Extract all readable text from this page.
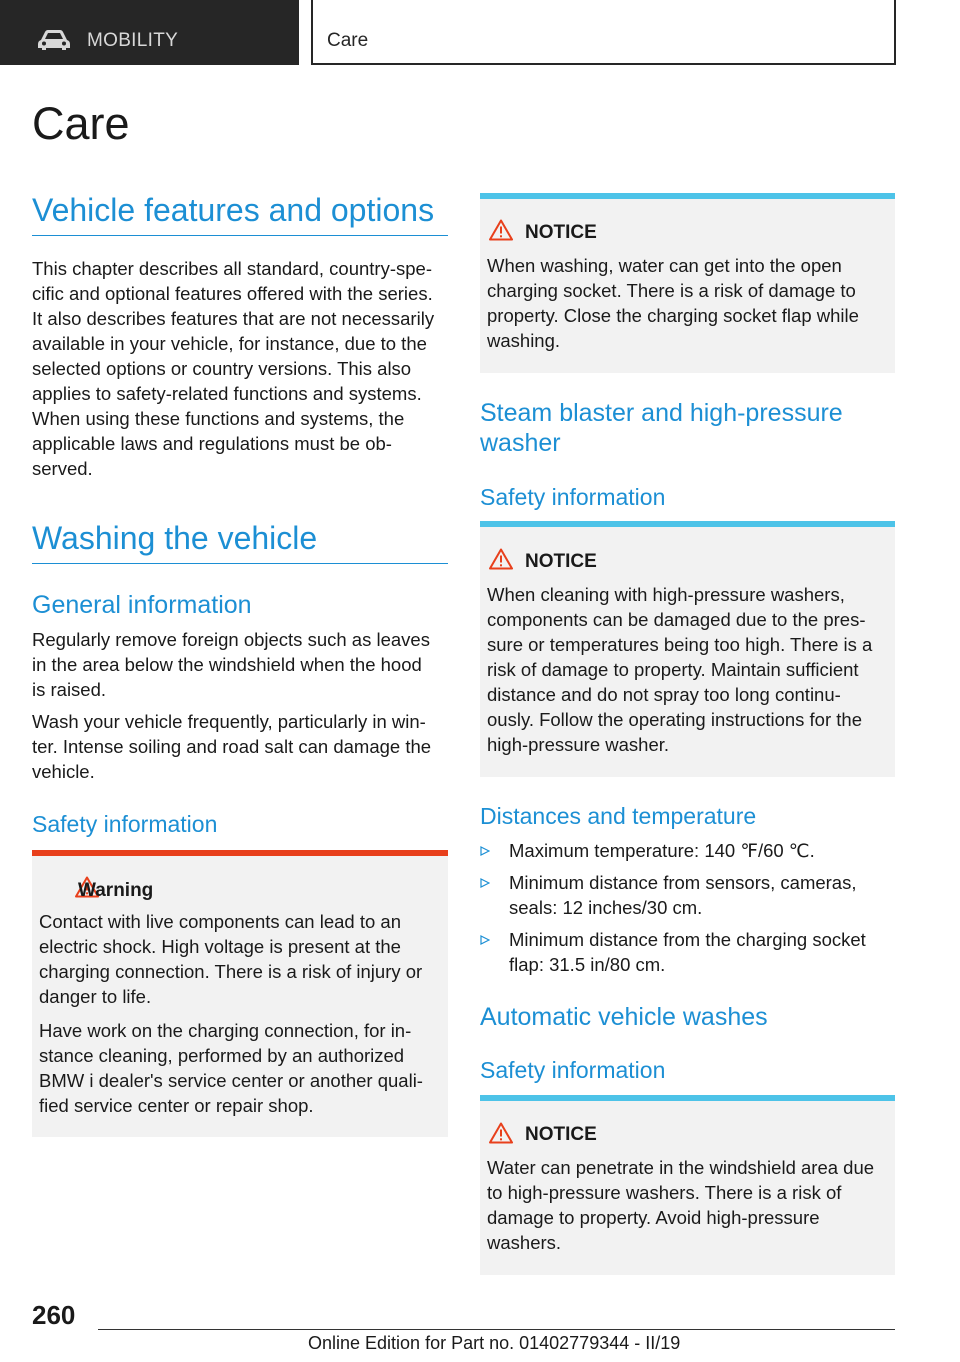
MOBILITY	Care
Care
Vehicle features and options
This chapter describes all standard, country-spe-
cific and optional features offered with the series.
It also describes features that are not necessarily
available in your vehicle, for instance, due to the
selected options or country versions. This also
applies to safety-related functions and systems.
When using these functions and systems, the
applicable laws and regulations must be ob-
served.
Washing the vehicle
General information
Regularly remove foreign objects such as leaves
in the area below the windshield when the hood
is raised.
Wash your vehicle frequently, particularly in win-
ter. Intense soiling and road salt can damage the
vehicle.
Safety information
Warning
Contact with live components can lead to an
electric shock. High voltage is present at the
charging connection. There is a risk of injury or
danger to life.
Have work on the charging connection, for in-
stance cleaning, performed by an authorized
BMW i dealer's service center or another quali-
fied service center or repair shop.
NOTICE
When washing, water can get into the open
charging socket. There is a risk of damage to
property. Close the charging socket flap while
washing.
Steam blaster and high-pressure
washer
Safety information
NOTICE
When cleaning with high-pressure washers,
components can be damaged due to the pres-
sure or temperatures being too high. There is a
risk of damage to property. Maintain sufficient
distance and do not spray too long continu-
ously. Follow the operating instructions for the
high-pressure washer.
Distances and temperature
Maximum temperature: 140 ℉/60 ℃.
Minimum distance from sensors, cameras,
seals: 12 inches/30 cm.
Minimum distance from the charging socket
flap: 31.5 in/80 cm.
Automatic vehicle washes
Safety information
NOTICE
Water can penetrate in the windshield area due
to high-pressure washers. There is a risk of
damage to property. Avoid high-pressure
washers.
260
Online Edition for Part no. 01402779344 - II/19
